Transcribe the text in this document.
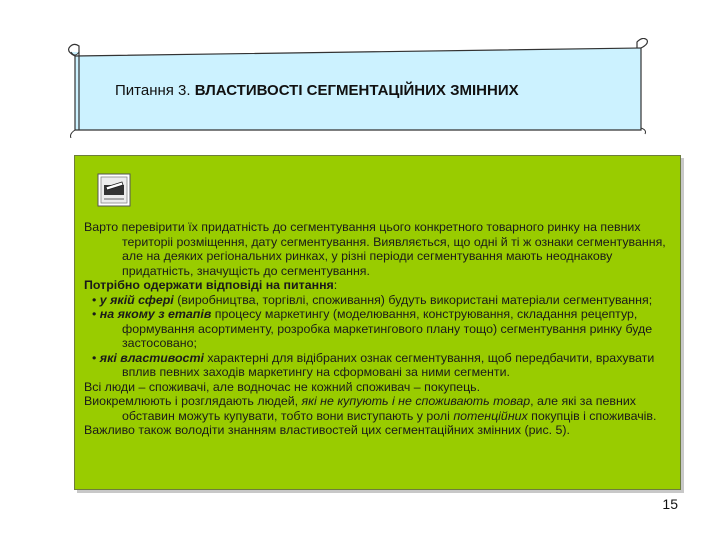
Питання 3. ВЛАСТИВОСТІ СЕГМЕНТАЦІЙНИХ ЗМІННИХ

Варто перевірити їх придатність до сегментування цього конкретного товарного ринку на певних територіі розміщення, дату сегментування. Виявляється, що одні й ті ж ознаки сегментування, але на деяких регіональних ринках, у різні періоди сегментування мають неоднакову придатність, значущість до сегментування.

Потрібно одержати відповіді на питання:

• у якій сфері (виробництва, торгівлі, споживання) будуть використані матеріали сегментування;

• на якому з етапів процесу маркетингу (моделювання, конструювання, складання рецептур, формування асортименту, розробка маркетингового плану тощо) сегментування ринку буде застосовано;

• які властивості характерні для відібраних ознак сегментування, щоб передбачити, врахувати вплив певних заходів маркетингу на сформовані за ними сегменти.

Всі люди – споживачі, але водночас не кожний споживач – покупець.

Виокремлюють і розглядають людей, які не купують і не споживають товар, але які за певних обставин можуть купувати, тобто вони виступають у ролі потенційних покупців і споживачів.

Важливо також володіти знанням властивостей цих сегментаційних змінних (рис. 5).

15
